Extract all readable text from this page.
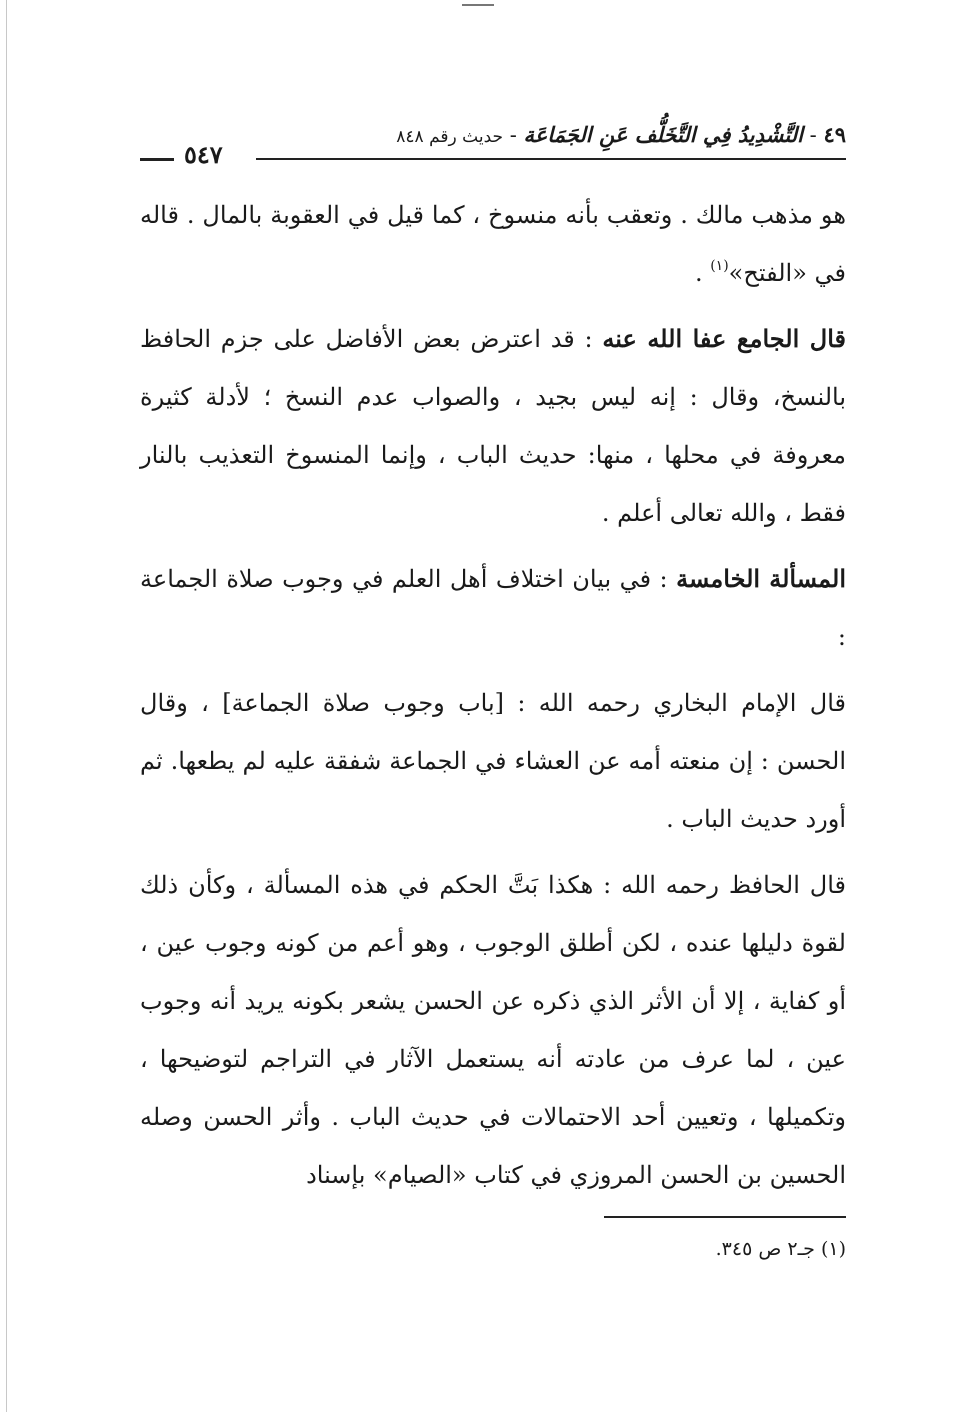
٤٩ - التَّشْدِيدُ فِي التَّخَلُّف عَنِ الجَمَاعَة - حديث رقم ٨٤٨
٥٤٧

هو مذهب مالك . وتعقب بأنه منسوخ ، كما قيل في العقوبة بالمال . قاله في «الفتح»$^{(١)}$ .

قال الجامع عفا الله عنه : قد اعترض بعض الأفاضل على جزم الحافظ بالنسخ، وقال : إنه ليس بجيد ، والصواب عدم النسخ ؛ لأدلة كثيرة معروفة في محلها ، منها: حديث الباب ، وإنما المنسوخ التعذيب بالنار فقط ، والله تعالى أعلم .

المسألة الخامسة : في بيان اختلاف أهل العلم في وجوب صلاة الجماعة :

قال الإمام البخاري رحمه الله : [باب وجوب صلاة الجماعة] ، وقال الحسن : إن منعته أمه عن العشاء في الجماعة شفقة عليه لم يطعها. ثم أورد حديث الباب .

قال الحافظ رحمه الله : هكذا بَتَّ الحكم في هذه المسألة ، وكأن ذلك لقوة دليلها عنده ، لكن أطلق الوجوب ، وهو أعم من كونه وجوب عين ، أو كفاية ، إلا أن الأثر الذي ذكره عن الحسن يشعر بكونه يريد أنه وجوب عين ، لما عرف من عادته أنه يستعمل الآثار في التراجم لتوضيحها ، وتكميلها ، وتعيين أحد الاحتمالات في حديث الباب . وأثر الحسن وصله الحسين بن الحسن المروزي في كتاب «الصيام» بإسناد

(١) جـ٢ ص ٣٤٥.
